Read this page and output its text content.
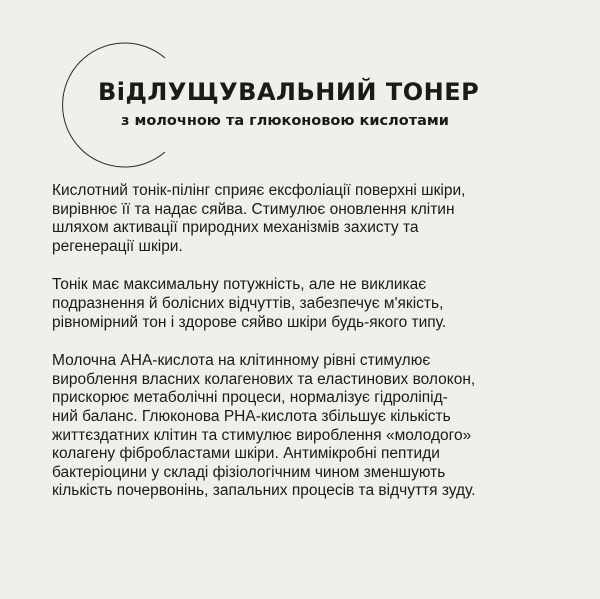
BiДЛУЩУВАЛЬНИЙ ТОНЕР
з молочною та глюконовою кислотами

Кислотний тонік-пілінг сприяє ексфоліації поверхні шкіри,
вирівнює її та надає сяйва. Стимулює оновлення клітин
шляхом активації природних механізмів захисту та
регенерації шкіри.

Тонік має максимальну потужність, але не викликає
подразнення й болісних відчуттів, забезпечує м'якість,
рівномірний тон і здорове сяйво шкіри будь-якого типу.

Молочна АНА-кислота на клітинному рівні стимулює
вироблення власних колагенових та еластинових волокон,
прискорює метаболічні процеси, нормалізує гідроліпід-
ний баланс. Глюконова РНА-кислота збільшує кількість
життєздатних клітин та стимулює вироблення «молодого»
колагену фібробластами шкіри. Антимікробні пептиди
бактеріоцини у складі фізіологічним чином зменшують
кількість почервонінь, запальних процесів та відчуття зуду.
